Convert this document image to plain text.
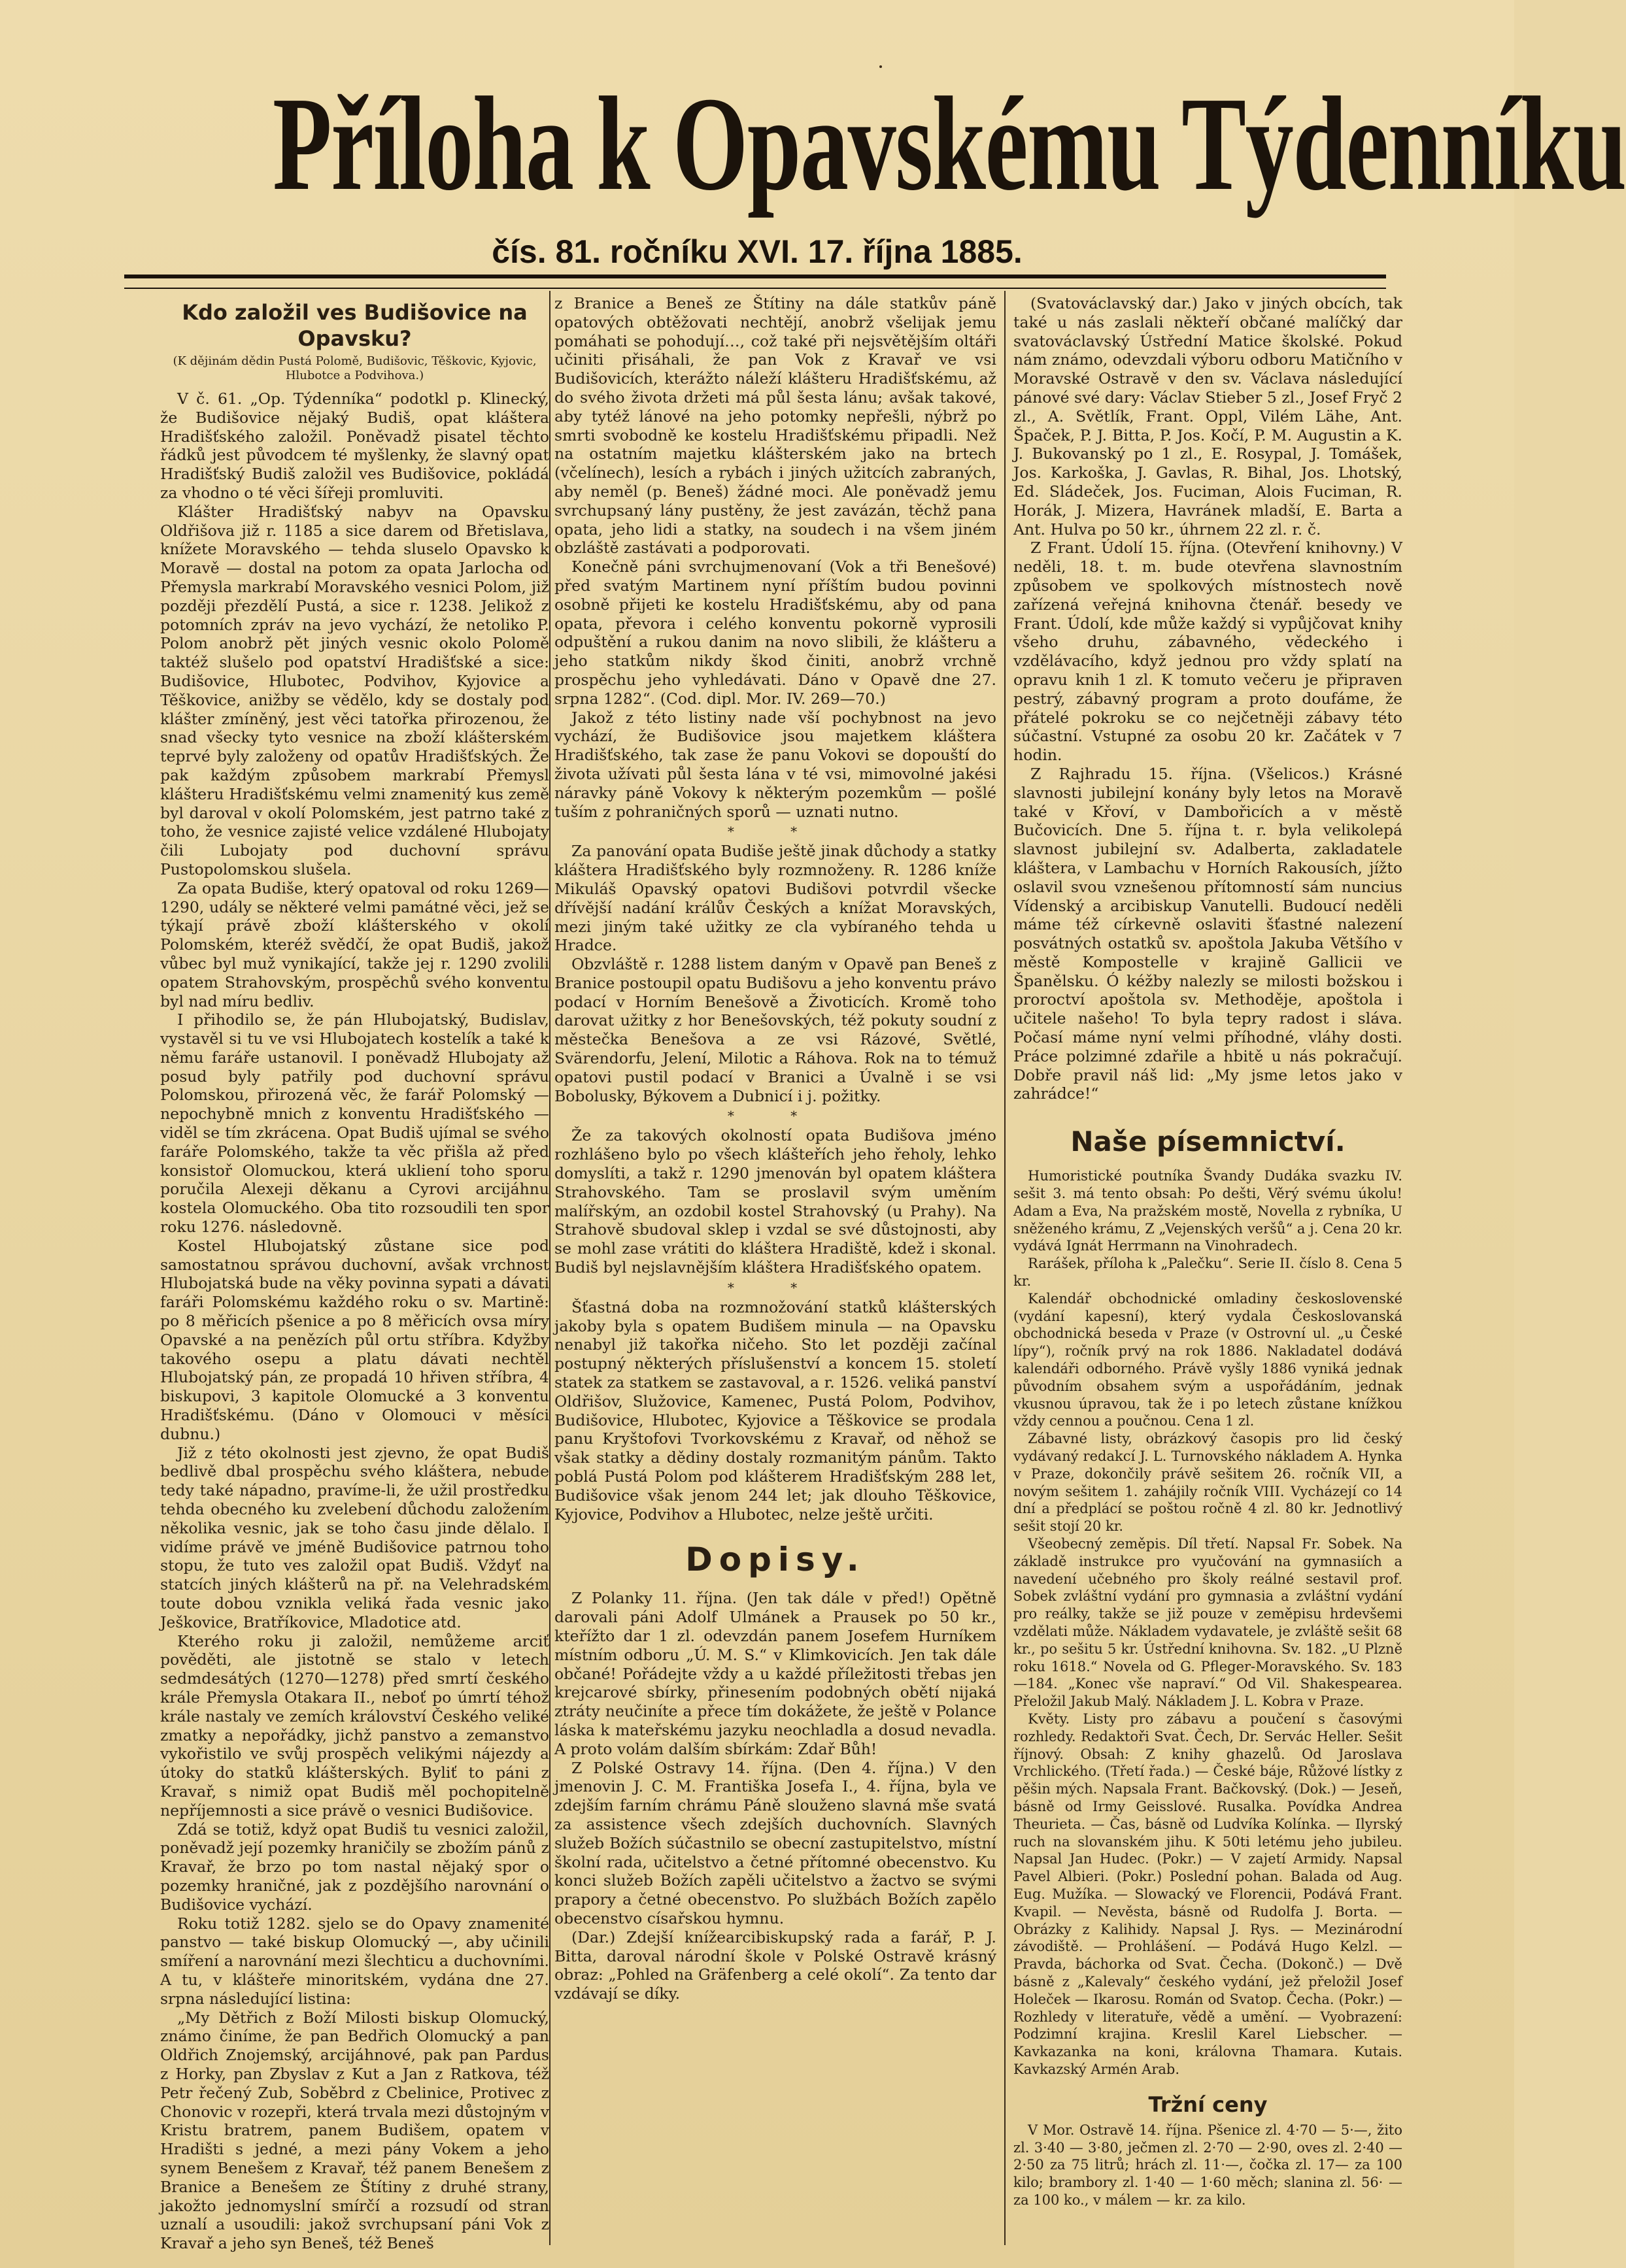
Příloha k Opavskému Týdenníku
čís. 81. ročníku XVI. 17. října 1885.
Kdo založil ves Budišovice na Opavsku?
(K dějinám dědin Pustá Polomě, Budišovic, Těškovic, Kyjovic, Hlubotce a Podvihova.)

V č. 61. „Op. Týdenníka“ podotkl p. Klinecký, že Budišovice nějaký Budiš, opat kláštera Hradišťského založil. Poněvadž pisatel těchto řádků jest původcem té myšlenky, že slavný opat Hradišťský Budiš založil ves Budišovice, pokládá za vhodno o té věci šířeji promluviti.

Klášter Hradišťský nabyv na Opavsku Oldřišova již r. 1185 a sice darem od Břetislava, knížete Moravského — tehda sluselo Opavsko k Moravě — dostal na potom za opata Jarlocha od Přemysla markrabí Moravského vesnici Polom, již později přezdělí Pustá, a sice r. 1238. Jelikož z potomních zpráv na jevo vychází, že netoliko P. Polom anobrž pět jiných vesnic okolo Polomě taktéž slušelo pod opatství Hradišťské a sice: Budišovice, Hlubotec, Podvihov, Kyjovice a Těškovice, anižby se vědělo, kdy se dostaly pod klášter zmíněný, jest věci tatořka přirozenou, že snad všecky tyto vesnice na zboží klášterském teprvé byly založeny od opatův Hradišťských. Že pak každým způsobem markrabí Přemysl klášteru Hradišťskému velmi znamenitý kus země byl daroval v okolí Polomském, jest patrno také z toho, že vesnice zajisté velice vzdálené Hlubojaty čili Lubojaty pod duchovní správu Pustopolomskou slušela.

Za opata Budiše, který opatoval od roku 1269—1290, udály se některé velmi památné věci, jež se týkají právě zboží klášterského v okolí Polomském, kteréž svědčí, že opat Budiš, jakož vůbec byl muž vynikající, takže jej r. 1290 zvolili opatem Strahovským, prospěchů svého konventu byl nad míru bedliv.

I přihodilo se, že pán Hlubojatský, Budislav, vystavěl si tu ve vsi Hlubojatech kostelík a také k němu faráře ustanovil. I poněvadž Hlubojaty až posud byly patřily pod duchovní správu Polomskou, přirozená věc, že farář Polomský — nepochybně mnich z konventu Hradišťského — viděl se tím zkrácena. Opat Budiš ujímal se svého faráře Polomského, takže ta věc přišla až před konsistoř Olomuckou, která ukliení toho sporu poručila Alexeji děkanu a Cyrovi arcijáhnu kostela Olomuckého. Oba tito rozsoudili ten spor roku 1276. následovně.

Kostel Hlubojatský zůstane sice pod samostatnou správou duchovní, avšak vrchnost Hlubojatská bude na věky povinna sypati a dávati faráři Polomskému každého roku o sv. Martině: po 8 měřicích pšenice a po 8 měřicích ovsa míry Opavské a na penězích půl ortu stříbra. Kdyžby takového osepu a platu dávati nechtěl Hlubojatský pán, ze propadá 10 hřiven stříbra, 4 biskupovi, 3 kapitole Olomucké a 3 konventu Hradišťskému. (Dáno v Olomouci v měsíci dubnu.)

Již z této okolnosti jest zjevno, že opat Budiš bedlivě dbal prospěchu svého kláštera, nebude tedy také nápadno, pravíme-li, že užil prostředku tehda obecného ku zvelebení důchodu založením několika vesnic, jak se toho času jinde dělalo. I vidíme právě ve jméně Budišovice patrnou toho stopu, že tuto ves založil opat Budiš. Vždyť na statcích jiných klášterů na př. na Velehradském toute dobou vznikla veliká řada vesnic jako Ješkovice, Bratříkovice, Mladotice atd.

Kterého roku ji založil, nemůžeme arciť pověděti, ale jistotně se stalo v letech sedmdesátých (1270—1278) před smrtí českého krále Přemysla Otakara II., neboť po úmrtí téhož krále nastaly ve zemích království Českého veliké zmatky a nepořádky, jichž panstvo a zemanstvo vykořistilo ve svůj prospěch velikými nájezdy a útoky do statků klášterských. Byliť to páni z Kravař, s nimiž opat Budiš měl pochopitelně nepříjemnosti a sice právě o vesnici Budišovice.

Zdá se totiž, když opat Budiš tu vesnici založil, poněvadž její pozemky hraničily se zbožím pánů z Kravař, že brzo po tom nastal nějaký spor o pozemky hraničné, jak z pozdějšího narovnání o Budišovice vychází.

Roku totiž 1282. sjelo se do Opavy znamenité panstvo — také biskup Olomucký —, aby učinili smíření a narovnání mezi šlechticu a duchovními. A tu, v klášteře minoritském, vydána dne 27. srpna následující listina:

„My Dětřich z Boží Milosti biskup Olomucký, známo činíme, že pan Bedřich Olomucký a pan Oldřich Znojemský, arcijáhnové, pak pan Pardus z Horky, pan Zbyslav z Kut a Jan z Ratkova, též Petr řečený Zub, Soběbrd z Cbelinice, Protivec z Chonovic v rozepři, která trvala mezi důstojným v Kristu bratrem, panem Budišem, opatem v Hradišti s jedné, a mezi pány Vokem a jeho synem Benešem z Kravař, též panem Benešem z Branice a Benešem ze Štítiny z druhé strany, jakožto jednomyslní smírčí a rozsudí od stran uznalí a usoudili: jakož svrchupsaní páni Vok z Kravař a jeho syn Beneš, též Beneš

z Branice a Beneš ze Štítiny na dále statkův páně opatových obtěžovati nechtějí, anobrž všelijak jemu pomáhati se pohodují…, což také při nejsvětějším oltáři učiniti přisáhali, že pan Vok z Kravař ve vsi Budišovicích, kterážto náleží klášteru Hradišťskému, až do svého života držeti má půl šesta lánu; avšak takové, aby tytéž lánové na jeho potomky nepřešli, nýbrž po smrti svobodně ke kostelu Hradišťskému připadli. Než na ostatním majetku klášterském jako na brtech (včelínech), lesích a rybách i jiných užitcích zabraných, aby neměl (p. Beneš) žádné moci. Ale poněvadž jemu svrchupsaný lány pustěny, že jest zavázán, těchž pana opata, jeho lidi a statky, na soudech i na všem jiném obzláště zastávati a podporovati.

Konečně páni svrchujmenovaní (Vok a tři Benešové) před svatým Martinem nyní příštím budou povinni osobně přijeti ke kostelu Hradišťskému, aby od pana opata, převora i celého konventu pokorně vyprosili odpuštění a rukou danim na novo slibili, že klášteru a jeho statkům nikdy škod činiti, anobrž vrchně prospěchu jeho vyhledávati. Dáno v Opavě dne 27. srpna 1282“. (Cod. dipl. Mor. IV. 269—70.)

Jakož z této listiny nade vší pochybnost na jevo vychází, že Budišovice jsou majetkem kláštera Hradišťského, tak zase že panu Vokovi se dopouští do života užívati půl šesta lána v té vsi, mimovolné jakési náravky páně Vokovy k některým pozemkům — pošlé tuším z pohraničných sporů — uznati nutno.

* *

Za panování opata Budiše ještě jinak důchody a statky kláštera Hradišťského byly rozmnoženy. R. 1286 kníže Mikuláš Opavský opatovi Budišovi potvrdil všecke dřívější nadání králův Českých a knížat Moravských, mezi jiným také užitky ze cla vybíraného tehda u Hradce.

Obzvláště r. 1288 listem daným v Opavě pan Beneš z Branice postoupil opatu Budišovu a jeho konventu právo podací v Horním Benešově a Životicích. Kromě toho darovat užitky z hor Benešovských, též pokuty soudní z městečka Benešova a ze vsi Rázové, Světlé, Svärendorfu, Jelení, Milotic a Ráhova. Rok na to témuž opatovi pustil podací v Branici a Úvalně i se vsi Bobolusky, Býkovem a Dubnicí i j. požitky.

* *

Že za takových okolností opata Budišova jméno rozhlášeno bylo po všech klášteřích jeho řeholy, lehko domyslíti, a takž r. 1290 jmenován byl opatem kláštera Strahovského. Tam se proslavil svým uměním malířským, an ozdobil kostel Strahovský (u Prahy). Na Strahově sbudoval sklep i vzdal se své důstojnosti, aby se mohl zase vrátiti do kláštera Hradiště, kdež i skonal. Budiš byl nejslavnějším kláštera Hradišťského opatem.

* *

Šťastná doba na rozmnožování statků klášterských jakoby byla s opatem Budišem minula — na Opavsku nenabyl již takořka ničeho. Sto let později začínal postupný některých příslušenství a koncem 15. století statek za statkem se zastavoval, a r. 1526. veliká panství Oldřišov, Služovice, Kamenec, Pustá Polom, Podvihov, Budišovice, Hlubotec, Kyjovice a Těškovice se prodala panu Kryštofovi Tvorkovskému z Kravař, od něhož se však statky a dědiny dostaly rozmanitým pánům. Takto poblá Pustá Polom pod klášterem Hradišťským 288 let, Budišovice však jenom 244 let; jak dlouho Těškovice, Kyjovice, Podvihov a Hlubotec, nelze ještě určiti.

Dopisy.

Z Polanky 11. října. (Jen tak dále v před!) Opětně darovali páni Adolf Ulmánek a Prausek po 50 kr., kteřížto dar 1 zl. odevzdán panem Josefem Hurníkem místním odboru „Ú. M. S.“ v Klimkovicích. Jen tak dále občané! Pořádejte vždy a u každé příležitosti třebas jen krejcarové sbírky, přinesením podobných obětí nijaká ztráty neučiníte a přece tím dokážete, že ještě v Polance láska k mateřskému jazyku neochladla a dosud nevadla. A proto volám dalším sbírkám: Zdař Bůh!

Z Polské Ostravy 14. října. (Den 4. října.) V den jmenovin J. C. M. Františka Josefa I., 4. října, byla ve zdejším farním chrámu Páně slouženo slavná mše svatá za assistence všech zdejších duchovních. Slavných služeb Božích súčastnilo se obecní zastupitelstvo, místní školní rada, učitelstvo a četné přítomné obecenstvo. Ku konci služeb Božích zapěli učitelstvo a žactvo se svými prapory a četné obecenstvo. Po službách Božích zapělo obecenstvo císařskou hymnu.

(Dar.) Zdejší knížearcibiskupský rada a farář, P. J. Bitta, daroval národní škole v Polské Ostravě krásný obraz: „Pohled na Gräfenberg a celé okolí“. Za tento dar vzdávají se díky.

(Svatováclavský dar.) Jako v jiných obcích, tak také u nás zaslali někteří občané malíčký dar svatováclavský Ústřední Matice školské. Pokud nám známo, odevzdali výboru odboru Matičního v Moravské Ostravě v den sv. Václava následující pánové své dary: Václav Stieber 5 zl., Josef Fryč 2 zl., A. Světlík, Frant. Oppl, Vilém Lähe, Ant. Špaček, P. J. Bitta, P. Jos. Kočí, P. M. Augustin a K. J. Bukovanský po 1 zl., E. Rosypal, J. Tomášek, Jos. Karkoška, J. Gavlas, R. Bihal, Jos. Lhotský, Ed. Sládeček, Jos. Fuciman, Alois Fuciman, R. Horák, J. Mizera, Havránek mladší, E. Barta a Ant. Hulva po 50 kr., úhrnem 22 zl. r. č.

Z Frant. Údolí 15. října. (Otevření knihovny.) V neděli, 18. t. m. bude otevřena slavnostním způsobem ve spolkových místnostech nově zařízená veřejná knihovna čtenář. besedy ve Frant. Údolí, kde může každý si vypůjčovat knihy všeho druhu, zábavného, vědeckého i vzdělávacího, když jednou pro vždy splatí na opravu knih 1 zl. K tomuto večeru je připraven pestrý, zábavný program a proto doufáme, že přátelé pokroku se co nejčetněji zábavy této súčastní. Vstupné za osobu 20 kr. Začátek v 7 hodin.

Z Rajhradu 15. října. (Všelicos.) Krásné slavnosti jubilejní konány byly letos na Moravě také v Křoví, v Dambořicích a v městě Bučovicích. Dne 5. října t. r. byla velikolepá slavnost jubilejní sv. Adalberta, zakladatele kláštera, v Lambachu v Horních Rakousích, jížto oslavil svou vznešenou přítomností sám nuncius Vídenský a arcibiskup Vanutelli. Budoucí neděli máme též církevně oslaviti šťastné nalezení posvátných ostatků sv. apoštola Jakuba Většího v městě Kompostelle v krajině Gallicii ve Španělsku. Ó kéžby nalezly se milosti božskou i proroctví apoštola sv. Methoděje, apoštola i učitele našeho! To byla tepry radost i sláva. Počasí máme nyní velmi příhodné, vláhy dosti. Práce polzimné zdařile a hbitě u nás pokračují. Dobře pravil náš lid: „My jsme letos jako v zahrádce!“

Naše písemnictví.

Humoristické poutníka Švandy Dudáka svazku IV. sešit 3. má tento obsah: Po dešti, Věrý svému úkolu! Adam a Eva, Na pražském mostě, Novella z rybníka, U sněženého krámu, Z „Vejenských veršů“ a j. Cena 20 kr. vydává Ignát Herrmann na Vinohradech.

Rarášek, příloha k „Palečku“. Serie II. číslo 8. Cena 5 kr.

Kalendář obchodnické omladiny československé (vydání kapesní), který vydala Českoslovanská obchodnická beseda v Praze (v Ostrovní ul. „u České lípy“), ročník prvý na rok 1886. Nakladatel dodává kalendáři odborného. Právě vyšly 1886 vyniká jednak původním obsahem svým a uspořádáním, jednak vkusnou úpravou, tak že i po letech zůstane knížkou vždy cennou a poučnou. Cena 1 zl.

Zábavné listy, obrázkový časopis pro lid český vydávaný redakcí J. L. Turnovského nákladem A. Hynka v Praze, dokončily právě sešitem 26. ročník VII, a novým sešitem 1. zahájily ročník VIII. Vycházejí co 14 dní a předplácí se poštou ročně 4 zl. 80 kr. Jednotlivý sešit stojí 20 kr.

Všeobecný zeměpis. Díl třetí. Napsal Fr. Sobek. Na základě instrukce pro vyučování na gymnasiích a navedení učebného pro školy reálné sestavil prof. Sobek zvláštní vydání pro gymnasia a zvláštní vydání pro reálky, takže se již pouze v zeměpisu hrdevšemi vzdělati může. Nákladem vydavatele, je zvláště sešit 68 kr., po sešitu 5 kr. Ústřední knihovna. Sv. 182. „U Plzně roku 1618.“ Novela od G. Pfleger-Moravského. Sv. 183—184. „Konec vše napraví.“ Od Vil. Shakespearea. Přeložil Jakub Malý. Nákladem J. L. Kobra v Praze.

Květy. Listy pro zábavu a poučení s časovými rozhledy. Redaktoři Svat. Čech, Dr. Servác Heller. Sešit říjnový. Obsah: Z knihy ghazelů. Od Jaroslava Vrchlického. (Třetí řada.) — České báje, Růžové lístky z pěšin mých. Napsala Frant. Bačkovský. (Dok.) — Jeseň, básně od Irmy Geisslové. Rusalka. Povídka Andrea Theurieta. — Čas, básně od Ludvíka Kolínka. — Ilyrský ruch na slovanském jihu. K 50ti letému jeho jubileu. Napsal Jan Hudec. (Pokr.) — V zajetí Armidy. Napsal Pavel Albieri. (Pokr.) Poslední pohan. Balada od Aug. Eug. Mužíka. — Slowacký ve Florencii, Podává Frant. Kvapil. — Nevěsta, básně od Rudolfa J. Borta. — Obrázky z Kalihidy. Napsal J. Rys. — Mezinárodní závodiště. — Prohlášení. — Podává Hugo Kelzl. — Pravda, báchorka od Svat. Čecha. (Dokonč.) — Dvě básně z „Kalevaly“ českého vydání, jež přeložil Josef Holeček — Ikarosu. Román od Svatop. Čecha. (Pokr.) — Rozhledy v literatuře, vědě a umění. — Vyobrazení: Podzimní krajina. Kreslil Karel Liebscher. — Kavkazanka na koni, královna Thamara. Kutais. Kavkazský Armén Arab.

Tržní ceny

V Mor. Ostravě 14. října. Pšenice zl. 4·70 — 5·—, žito zl. 3·40 — 3·80, ječmen zl. 2·70 — 2·90, oves zl. 2·40 — 2·50 za 75 litrů; hrách zl. 11·—, čočka zl. 17— za 100 kilo; brambory zl. 1·40 — 1·60 měch; slanina zl. 56· — za 100 ko., v málem — kr. za kilo.
